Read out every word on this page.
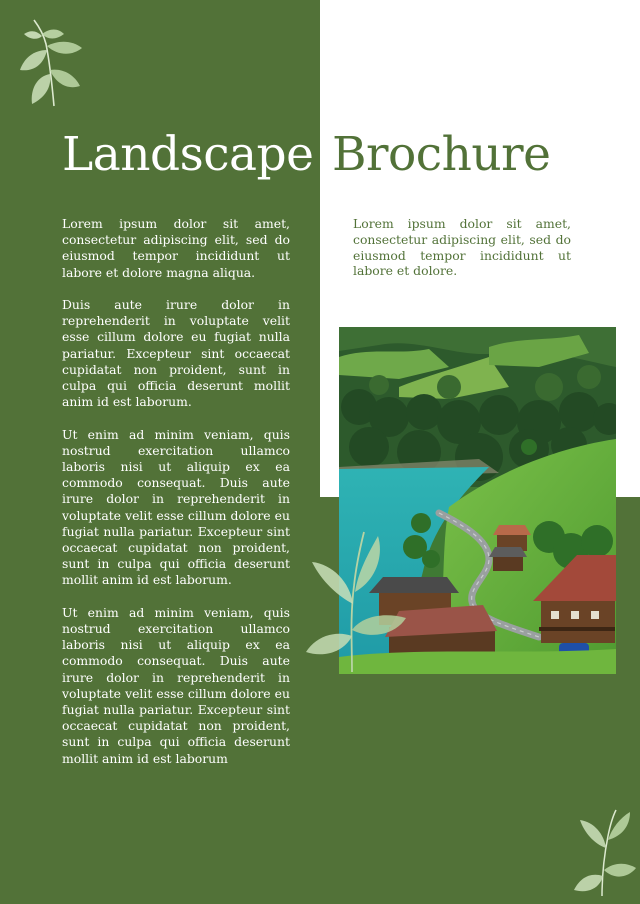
Landscape Brochure

Lorem ipsum dolor sit amet, consectetur adipiscing elit, sed do eiusmod tempor incididunt ut labore et dolore magna aliqua.

Duis aute irure dolor in reprehenderit in voluptate velit esse cillum dolore eu fugiat nulla pariatur. Excepteur sint occaecat cupidatat non proident, sunt in culpa qui officia deserunt mollit anim id est laborum.

Ut enim ad minim veniam, quis nostrud exercitation ullamco laboris nisi ut aliquip ex ea commodo consequat. Duis aute irure dolor in reprehenderit in voluptate velit esse cillum dolore eu fugiat nulla pariatur. Excepteur sint occaecat cupidatat non proident, sunt in culpa qui officia deserunt mollit anim id est laborum.

Ut enim ad minim veniam, quis nostrud exercitation ullamco laboris nisi ut aliquip ex ea commodo consequat. Duis aute irure dolor in reprehenderit in voluptate velit esse cillum dolore eu fugiat nulla pariatur. Excepteur sint occaecat cupidatat non proident, sunt in culpa qui officia deserunt mollit anim id est laborum

Lorem ipsum dolor sit amet, consectetur adipiscing elit, sed do eiusmod tempor incididunt ut labore et dolore.
